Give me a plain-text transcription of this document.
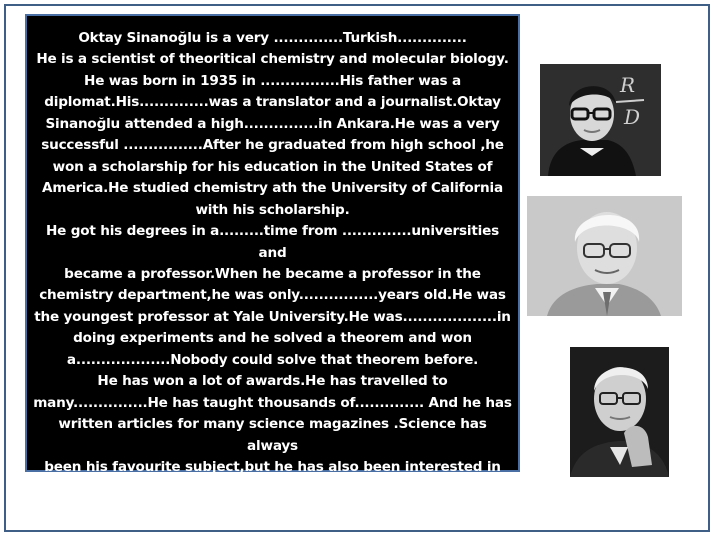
Oktay Sinanoğlu is a very ..............Turkish..............
He is a scientist of theoritical chemistry and molecular biology.
He was born in 1935 in ................His father was a
diplomat.His..............was a translator and a journalist.Oktay
Sinanoğlu attended a high...............in Ankara.He was a very
successful ................After he graduated from high school ,he
won a scholarship for his education in the United States of
America.He studied chemistry ath the University of California
with his scholarship.
He got his degrees in a.........time from ..............universities and
became a professor.When he became a professor in the
chemistry department,he was only................years old.He was
the youngest professor at Yale University.He was...................in
doing experiments and he solved a theorem and won
a...................Nobody could solve that theorem before.
He has won a lot of awards.He has travelled to
many...............He has taught thousands of.............. And he has
written articles for many science magazines .Science has always
been his favourite subject,but he has also been interested in
culture ,education and art.

R
D
